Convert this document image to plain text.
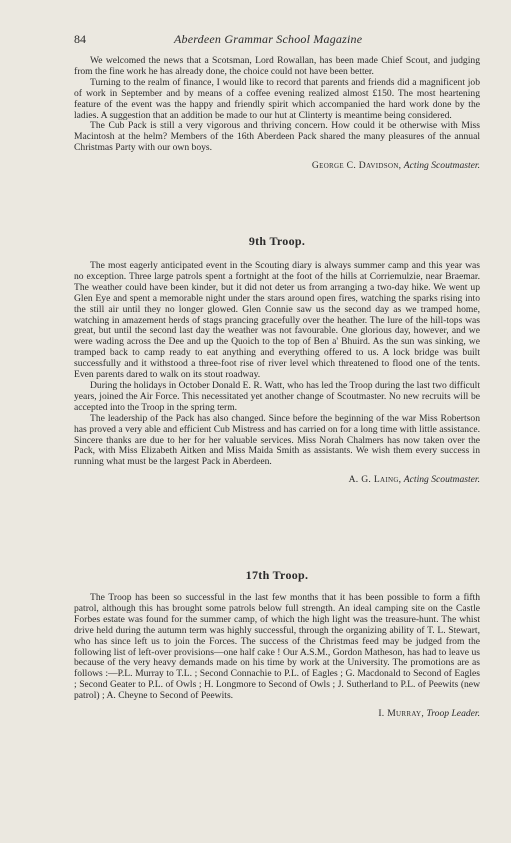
84	Aberdeen Grammar School Magazine

We welcomed the news that a Scotsman, Lord Rowallan, has been made Chief Scout, and judging from the fine work he has already done, the choice could not have been better.

Turning to the realm of finance, I would like to record that parents and friends did a magnificent job of work in September and by means of a coffee evening realized almost £150. The most heartening feature of the event was the happy and friendly spirit which accompanied the hard work done by the ladies. A suggestion that an addition be made to our hut at Clinterty is meantime being considered.

The Cub Pack is still a very vigorous and thriving concern. How could it be otherwise with Miss Macintosh at the helm? Members of the 16th Aberdeen Pack shared the many pleasures of the annual Christmas Party with our own boys.

George C. Davidson, Acting Scoutmaster.
9th Troop.

The most eagerly anticipated event in the Scouting diary is always summer camp and this year was no exception. Three large patrols spent a fortnight at the foot of the hills at Corriemulzie, near Braemar. The weather could have been kinder, but it did not deter us from arranging a two-day hike. We went up Glen Eye and spent a memorable night under the stars around open fires, watching the sparks rising into the still air until they no longer glowed. Glen Connie saw us the second day as we tramped home, watching in amazement herds of stags prancing gracefully over the heather. The lure of the hill-tops was great, but until the second last day the weather was not favourable. One glorious day, however, and we were wading across the Dee and up the Quoich to the top of Ben a' Bhuird. As the sun was sinking, we tramped back to camp ready to eat anything and everything offered to us. A lock bridge was built successfully and it withstood a three-foot rise of river level which threatened to flood one of the tents. Even parents dared to walk on its stout roadway.

During the holidays in October Donald E. R. Watt, who has led the Troop during the last two difficult years, joined the Air Force. This necessitated yet another change of Scoutmaster. No new recruits will be accepted into the Troop in the spring term.

The leadership of the Pack has also changed. Since before the beginning of the war Miss Robertson has proved a very able and efficient Cub Mistress and has carried on for a long time with little assistance. Sincere thanks are due to her for her valuable services. Miss Norah Chalmers has now taken over the Pack, with Miss Elizabeth Aitken and Miss Maida Smith as assistants. We wish them every success in running what must be the largest Pack in Aberdeen.

A. G. Laing, Acting Scoutmaster.
17th Troop.

The Troop has been so successful in the last few months that it has been possible to form a fifth patrol, although this has brought some patrols below full strength. An ideal camping site on the Castle Forbes estate was found for the summer camp, of which the high light was the treasure-hunt. The whist drive held during the autumn term was highly successful, through the organizing ability of T. L. Stewart, who has since left us to join the Forces. The success of the Christmas feed may be judged from the following list of left-over provisions—one half cake ! Our A.S.M., Gordon Matheson, has had to leave us because of the very heavy demands made on his time by work at the University. The promotions are as follows :—P.L. Murray to T.L. ; Second Connachie to P.L. of Eagles ; G. Macdonald to Second of Eagles ; Second Geater to P.L. of Owls ; H. Longmore to Second of Owls ; J. Sutherland to P.L. of Peewits (new patrol) ; A. Cheyne to Second of Peewits.

I. Murray, Troop Leader.
